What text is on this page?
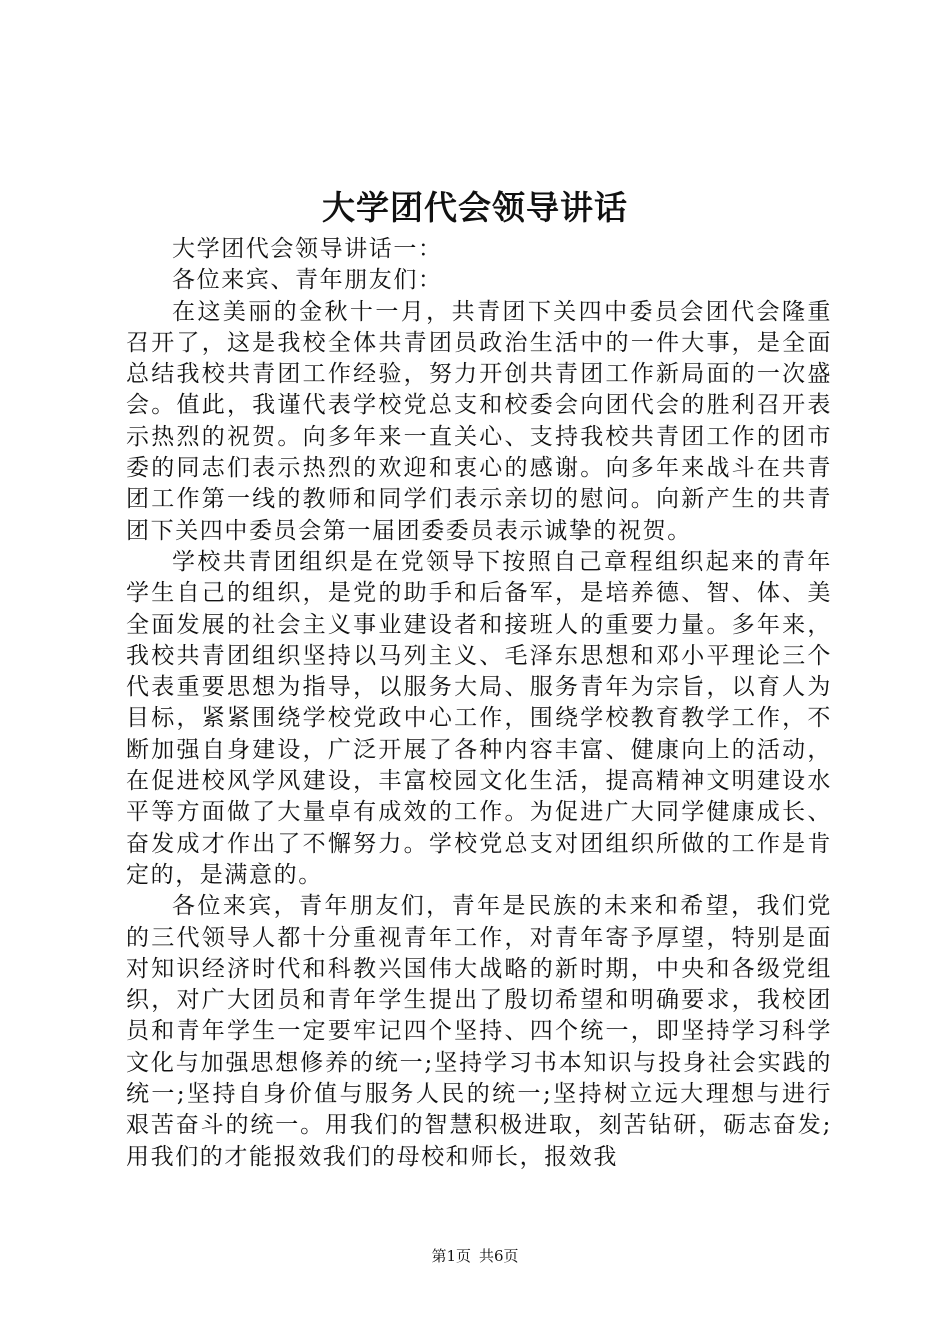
大学团代会领导讲话

大学团代会领导讲话一：

各位来宾、青年朋友们：

在这美丽的金秋十一月，共青团下关四中委员会团代会隆重召开了，这是我校全体共青团员政治生活中的一件大事，是全面总结我校共青团工作经验，努力开创共青团工作新局面的一次盛会。值此，我谨代表学校党总支和校委会向团代会的胜利召开表示热烈的祝贺。向多年来一直关心、支持我校共青团工作的团市委的同志们表示热烈的欢迎和衷心的感谢。向多年来战斗在共青团工作第一线的教师和同学们表示亲切的慰问。向新产生的共青团下关四中委员会第一届团委委员表示诚挚的祝贺。

学校共青团组织是在党领导下按照自己章程组织起来的青年学生自己的组织，是党的助手和后备军，是培养德、智、体、美全面发展的社会主义事业建设者和接班人的重要力量。多年来，我校共青团组织坚持以马列主义、毛泽东思想和邓小平理论三个代表重要思想为指导，以服务大局、服务青年为宗旨，以育人为目标，紧紧围绕学校党政中心工作，围绕学校教育教学工作，不断加强自身建设，广泛开展了各种内容丰富、健康向上的活动，在促进校风学风建设，丰富校园文化生活，提高精神文明建设水平等方面做了大量卓有成效的工作。为促进广大同学健康成长、奋发成才作出了不懈努力。学校党总支对团组织所做的工作是肯定的，是满意的。

各位来宾，青年朋友们，青年是民族的未来和希望，我们党的三代领导人都十分重视青年工作，对青年寄予厚望，特别是面对知识经济时代和科教兴国伟大战略的新时期，中央和各级党组织，对广大团员和青年学生提出了殷切希望和明确要求，我校团员和青年学生一定要牢记四个坚持、四个统一，即坚持学习科学文化与加强思想修养的统一;坚持学习书本知识与投身社会实践的统一;坚持自身价值与服务人民的统一;坚持树立远大理想与进行艰苦奋斗的统一。用我们的智慧积极进取，刻苦钻研，砺志奋发;用我们的才能报效我们的母校和师长，报效我

第1页 共6页
